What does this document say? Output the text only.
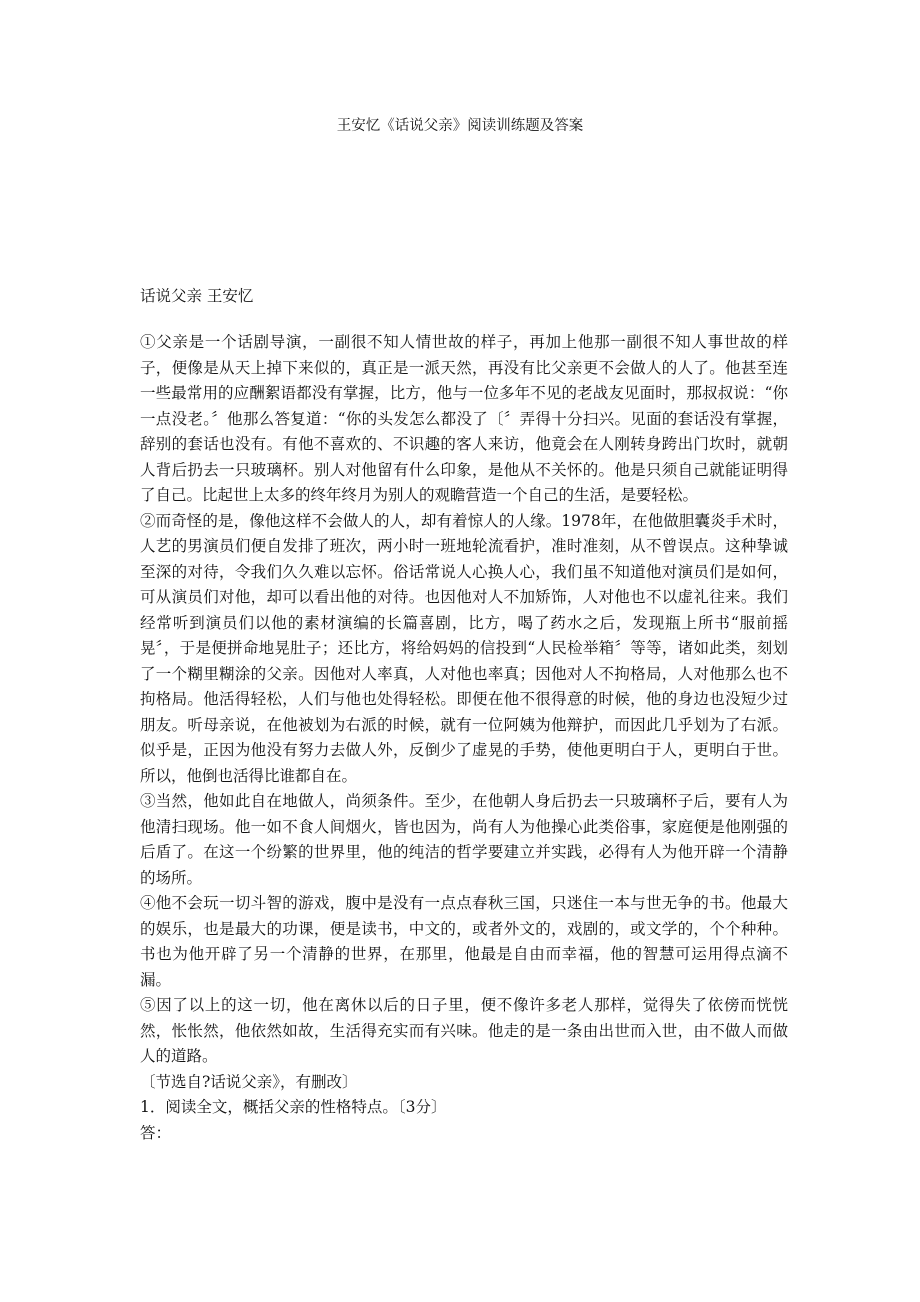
王安忆《话说父亲》阅读训练题及答案
话说父亲 王安忆

①父亲是一个话剧导演，一副很不知人情世故的样子，再加上他那一副很不知人事世故的样子，便像是从天上掉下来似的，真正是一派天然，再没有比父亲更不会做人的人了。他甚至连一些最常用的应酬絮语都没有掌握，比方，他与一位多年不见的老战友见面时，那叔叔说：“你一点没老。〞他那么答复道：“你的头发怎么都没了〔〞弄得十分扫兴。见面的套话没有掌握，辞别的套话也没有。有他不喜欢的、不识趣的客人来访，他竟会在人刚转身跨出门坎时，就朝人背后扔去一只玻璃杯。别人对他留有什么印象，是他从不关怀的。他是只须自己就能证明得了自己。比起世上太多的终年终月为别人的观瞻营造一个自己的生活，是要轻松。

②而奇怪的是，像他这样不会做人的人，却有着惊人的人缘。1978年，在他做胆囊炎手术时，人艺的男演员们便自发排了班次，两小时一班地轮流看护，准时准刻，从不曾误点。这种挚诚至深的对待，令我们久久难以忘怀。俗话常说人心换人心，我们虽不知道他对演员们是如何，可从演员们对他，却可以看出他的对待。也因他对人不加矫饰，人对他也不以虚礼往来。我们经常听到演员们以他的素材演编的长篇喜剧，比方，喝了药水之后，发现瓶上所书“服前摇晃〞，于是便拼命地晃肚子；还比方，将给妈妈的信投到“人民检举箱〞等等，诸如此类，刻划了一个糊里糊涂的父亲。因他对人率真，人对他也率真；因他对人不拘格局，人对他那么也不拘格局。他活得轻松，人们与他也处得轻松。即便在他不很得意的时候，他的身边也没短少过朋友。听母亲说，在他被划为右派的时候，就有一位阿姨为他辩护，而因此几乎划为了右派。似乎是，正因为他没有努力去做人外，反倒少了虚晃的手势，使他更明白于人，更明白于世。所以，他倒也活得比谁都自在。

③当然，他如此自在地做人，尚须条件。至少，在他朝人身后扔去一只玻璃杯子后，要有人为他清扫现场。他一如不食人间烟火，皆也因为，尚有人为他操心此类俗事，家庭便是他刚强的后盾了。在这一个纷繁的世界里，他的纯洁的哲学要建立并实践，必得有人为他开辟一个清静的场所。

④他不会玩一切斗智的游戏，腹中是没有一点点春秋三国，只迷住一本与世无争的书。他最大的娱乐，也是最大的功课，便是读书，中文的，或者外文的，戏剧的，或文学的，个个种种。书也为他开辟了另一个清静的世界，在那里，他最是自由而幸福，他的智慧可运用得点滴不漏。

⑤因了以上的这一切，他在离休以后的日子里，便不像许多老人那样，觉得失了依傍而恍恍然，怅怅然，他依然如故，生活得充实而有兴味。他走的是一条由出世而入世，由不做人而做人的道路。

〔节选自?话说父亲》，有删改〕

1．阅读全文，概括父亲的性格特点。〔3分〕

答：
